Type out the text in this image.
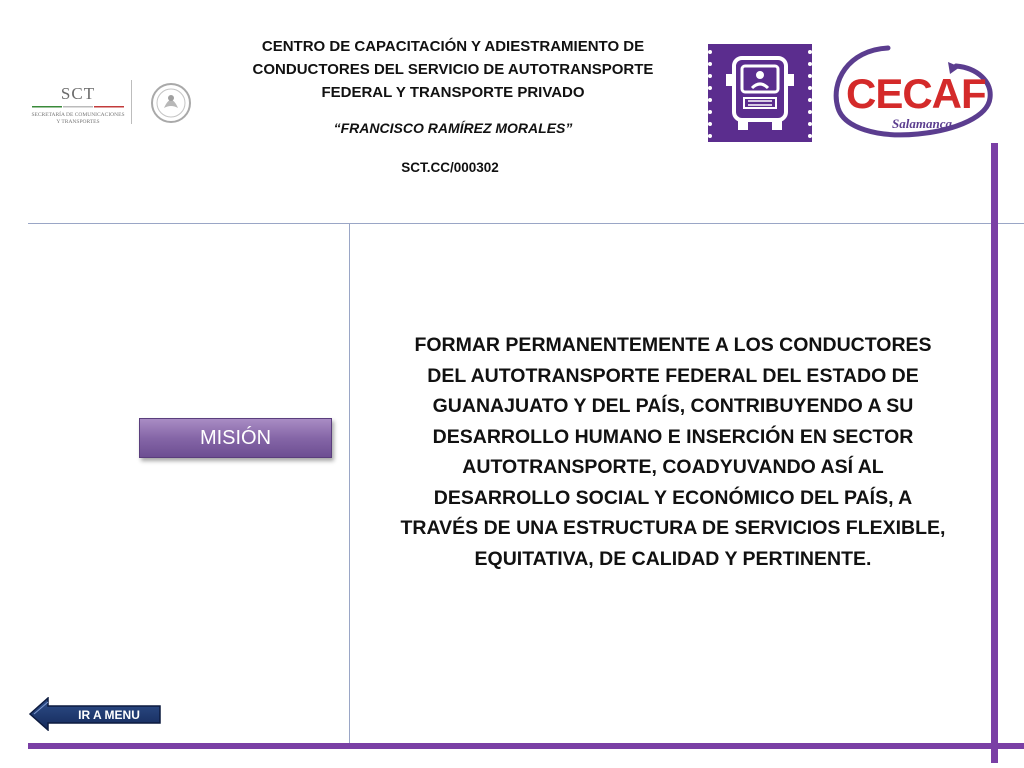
SCT
SECRETARÍA DE COMUNICACIONES
Y TRANSPORTES
CENTRO DE CAPACITACIÓN Y ADIESTRAMIENTO DE
CONDUCTORES DEL SERVICIO DE AUTOTRANSPORTE
FEDERAL Y TRANSPORTE PRIVADO
“FRANCISCO RAMÍREZ MORALES”
SCT.CC/000302
CECAF
Salamanca
MISIÓN
FORMAR PERMANENTEMENTE A LOS CONDUCTORES
DEL AUTOTRANSPORTE FEDERAL DEL ESTADO DE
GUANAJUATO Y DEL PAÍS, CONTRIBUYENDO A SU
DESARROLLO HUMANO E INSERCIÓN EN SECTOR
AUTOTRANSPORTE, COADYUVANDO ASÍ AL
DESARROLLO SOCIAL Y ECONÓMICO DEL PAÍS, A
TRAVÉS DE UNA ESTRUCTURA DE SERVICIOS FLEXIBLE,
EQUITATIVA, DE CALIDAD Y PERTINENTE.
IR A MENU
